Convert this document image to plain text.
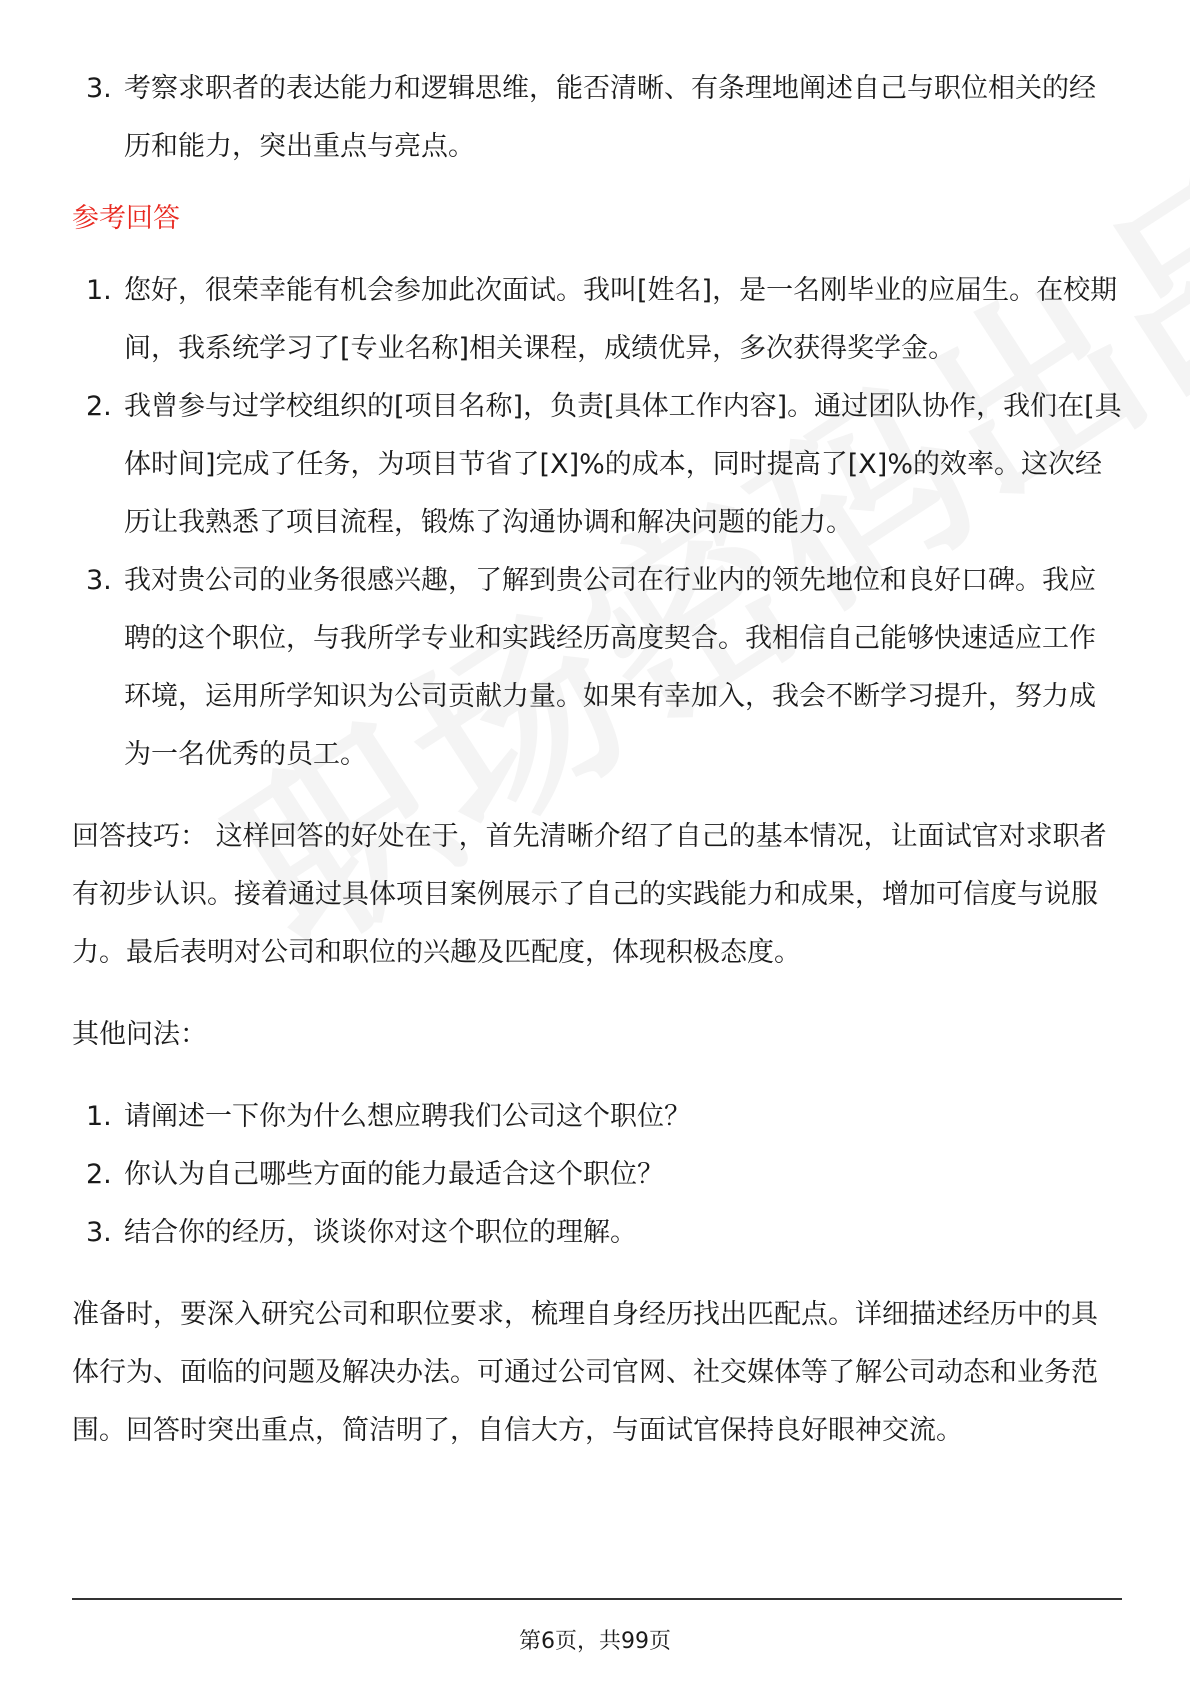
3. 考察求职者的表达能力和逻辑思维，能否清晰、有条理地阐述自己与职位相关的经历和能力，突出重点与亮点。
参考回答
1. 您好，很荣幸能有机会参加此次面试。我叫[姓名]，是一名刚毕业的应届生。在校期间，我系统学习了[专业名称]相关课程，成绩优异，多次获得奖学金。
2. 我曾参与过学校组织的[项目名称]，负责[具体工作内容]。通过团队协作，我们在[具体时间]完成了任务，为项目节省了[X]%的成本，同时提高了[X]%的效率。这次经历让我熟悉了项目流程，锻炼了沟通协调和解决问题的能力。
3. 我对贵公司的业务很感兴趣，了解到贵公司在行业内的领先地位和良好口碑。我应聘的这个职位，与我所学专业和实践经历高度契合。我相信自己能够快速适应工作环境，运用所学知识为公司贡献力量。如果有幸加入，我会不断学习提升，努力成为一名优秀的员工。

回答技巧： 这样回答的好处在于，首先清晰介绍了自己的基本情况，让面试官对求职者有初步认识。接着通过具体项目案例展示了自己的实践能力和成果，增加可信度与说服力。最后表明对公司和职位的兴趣及匹配度，体现积极态度。

其他问法：

1. 请阐述一下你为什么想应聘我们公司这个职位？
2. 你认为自己哪些方面的能力最适合这个职位？
3. 结合你的经历，谈谈你对这个职位的理解。

准备时，要深入研究公司和职位要求，梳理自身经历找出匹配点。详细描述经历中的具体行为、面临的问题及解决办法。可通过公司官网、社交媒体等了解公司动态和业务范围。回答时突出重点，简洁明了，自信大方，与面试官保持良好眼神交流。

第6页，共99页
